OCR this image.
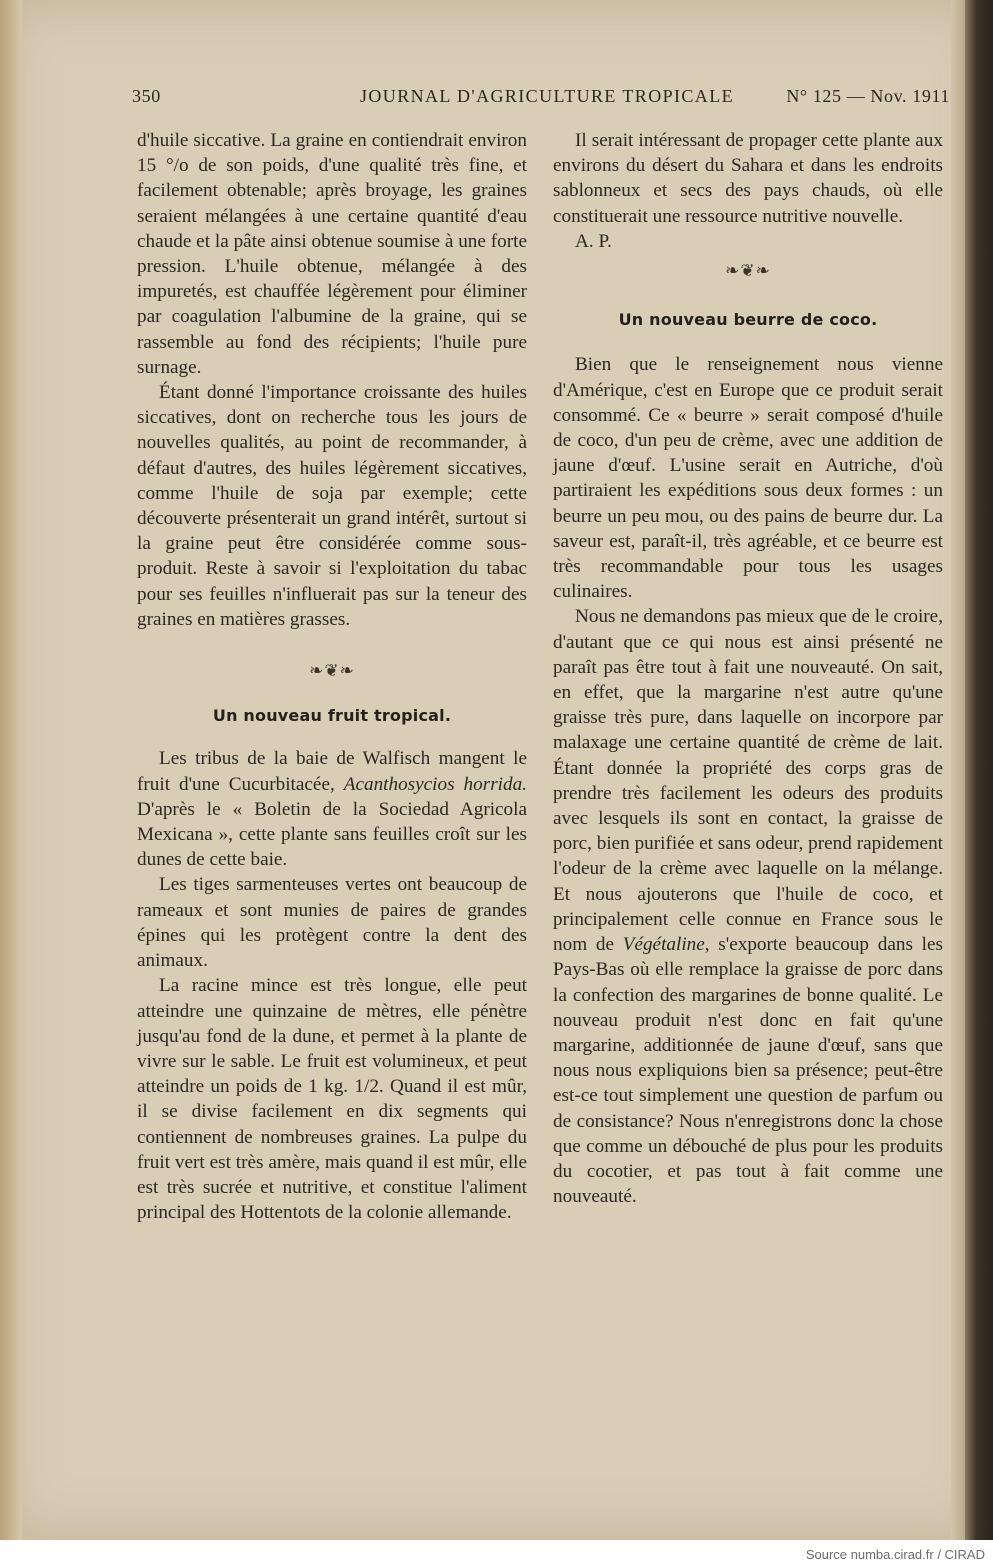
350	JOURNAL D'AGRICULTURE TROPICALE	N° 125 — Nov. 1911

d'huile siccative. La graine en contiendrait environ 15 °/o de son poids, d'une qualité très fine, et facilement obtenable; après broyage, les graines seraient mélangées à une certaine quantité d'eau chaude et la pâte ainsi obtenue soumise à une forte pression. L'huile obtenue, mélangée à des impuretés, est chauffée légèrement pour éliminer par coagulation l'albumine de la graine, qui se rassemble au fond des récipients; l'huile pure surnage.

Étant donné l'importance croissante des huiles siccatives, dont on recherche tous les jours de nouvelles qualités, au point de recommander, à défaut d'autres, des huiles légèrement siccatives, comme l'huile de soja par exemple; cette découverte présenterait un grand intérêt, surtout si la graine peut être considérée comme sous-produit. Reste à savoir si l'exploitation du tabac pour ses feuilles n'influerait pas sur la teneur des graines en matières grasses.

❧❦❧
Un nouveau fruit tropical.

Les tribus de la baie de Walfisch mangent le fruit d'une Cucurbitacée, Acanthosycios horrida. D'après le « Boletin de la Sociedad Agricola Mexicana », cette plante sans feuilles croît sur les dunes de cette baie.

Les tiges sarmenteuses vertes ont beaucoup de rameaux et sont munies de paires de grandes épines qui les protègent contre la dent des animaux.

La racine mince est très longue, elle peut atteindre une quinzaine de mètres, elle pénètre jusqu'au fond de la dune, et permet à la plante de vivre sur le sable. Le fruit est volumineux, et peut atteindre un poids de 1 kg. 1/2. Quand il est mûr, il se divise facilement en dix segments qui contiennent de nombreuses graines. La pulpe du fruit vert est très amère, mais quand il est mûr, elle est très sucrée et nutritive, et constitue l'aliment principal des Hottentots de la colonie allemande.

Il serait intéressant de propager cette plante aux environs du désert du Sahara et dans les endroits sablonneux et secs des pays chauds, où elle constituerait une ressource nutritive nouvelle.

A. P.

❧❦❧
Un nouveau beurre de coco.

Bien que le renseignement nous vienne d'Amérique, c'est en Europe que ce produit serait consommé. Ce « beurre » serait composé d'huile de coco, d'un peu de crème, avec une addition de jaune d'œuf. L'usine serait en Autriche, d'où partiraient les expéditions sous deux formes : un beurre un peu mou, ou des pains de beurre dur. La saveur est, paraît-il, très agréable, et ce beurre est très recommandable pour tous les usages culinaires.

Nous ne demandons pas mieux que de le croire, d'autant que ce qui nous est ainsi présenté ne paraît pas être tout à fait une nouveauté. On sait, en effet, que la margarine n'est autre qu'une graisse très pure, dans laquelle on incorpore par malaxage une certaine quantité de crème de lait. Étant donnée la propriété des corps gras de prendre très facilement les odeurs des produits avec lesquels ils sont en contact, la graisse de porc, bien purifiée et sans odeur, prend rapidement l'odeur de la crème avec laquelle on la mélange. Et nous ajouterons que l'huile de coco, et principalement celle connue en France sous le nom de Végétaline, s'exporte beaucoup dans les Pays-Bas où elle remplace la graisse de porc dans la confection des margarines de bonne qualité. Le nouveau produit n'est donc en fait qu'une margarine, additionnée de jaune d'œuf, sans que nous nous expliquions bien sa présence; peut-être est-ce tout simplement une question de parfum ou de consistance? Nous n'enregistrons donc la chose que comme un débouché de plus pour les produits du cocotier, et pas tout à fait comme une nouveauté.

Source numba.cirad.fr / CIRAD
